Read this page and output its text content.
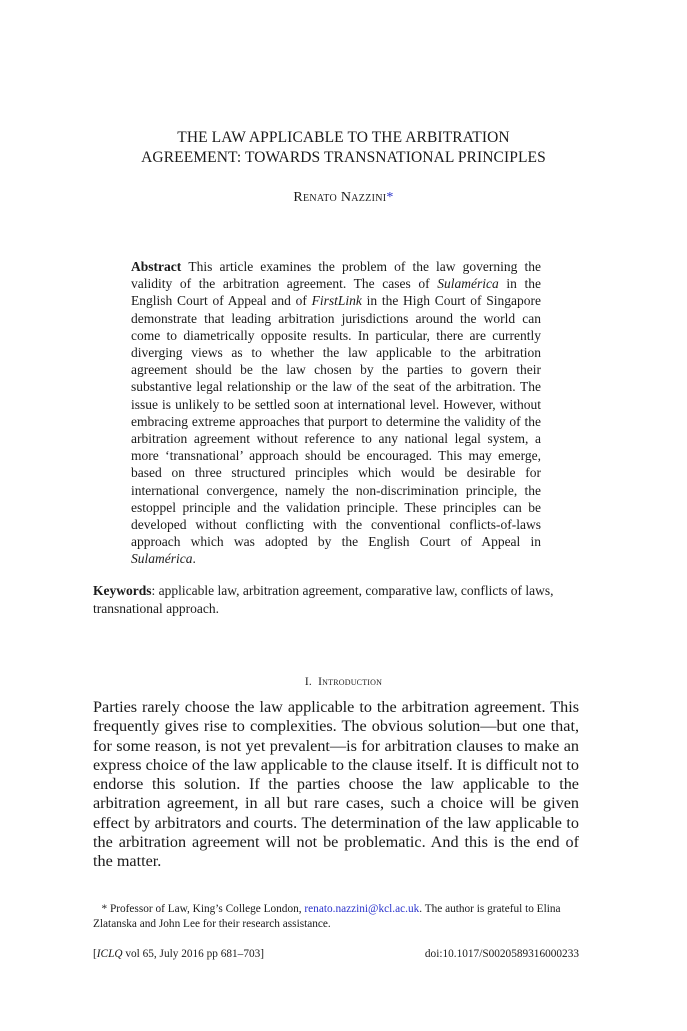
THE LAW APPLICABLE TO THE ARBITRATION
AGREEMENT: TOWARDS TRANSNATIONAL PRINCIPLES
Renato Nazzini*
Abstract This article examines the problem of the law governing the validity of the arbitration agreement. The cases of Sulamérica in the English Court of Appeal and of FirstLink in the High Court of Singapore demonstrate that leading arbitration jurisdictions around the world can come to diametrically opposite results. In particular, there are currently diverging views as to whether the law applicable to the arbitration agreement should be the law chosen by the parties to govern their substantive legal relationship or the law of the seat of the arbitration. The issue is unlikely to be settled soon at international level. However, without embracing extreme approaches that purport to determine the validity of the arbitration agreement without reference to any national legal system, a more ‘transnational’ approach should be encouraged. This may emerge, based on three structured principles which would be desirable for international convergence, namely the non-discrimination principle, the estoppel principle and the validation principle. These principles can be developed without conflicting with the conventional conflicts-of-laws approach which was adopted by the English Court of Appeal in Sulamérica.
Keywords: applicable law, arbitration agreement, comparative law, conflicts of laws, transnational approach.
I. Introduction
Parties rarely choose the law applicable to the arbitration agreement. This frequently gives rise to complexities. The obvious solution—but one that, for some reason, is not yet prevalent—is for arbitration clauses to make an express choice of the law applicable to the clause itself. It is difficult not to endorse this solution. If the parties choose the law applicable to the arbitration agreement, in all but rare cases, such a choice will be given effect by arbitrators and courts. The determination of the law applicable to the arbitration agreement will not be problematic. And this is the end of the matter.
* Professor of Law, King’s College London, renato.nazzini@kcl.ac.uk. The author is grateful to Elina Zlatanska and John Lee for their research assistance.
[ICLQ vol 65, July 2016 pp 681–703]	doi:10.1017/S0020589316000233
